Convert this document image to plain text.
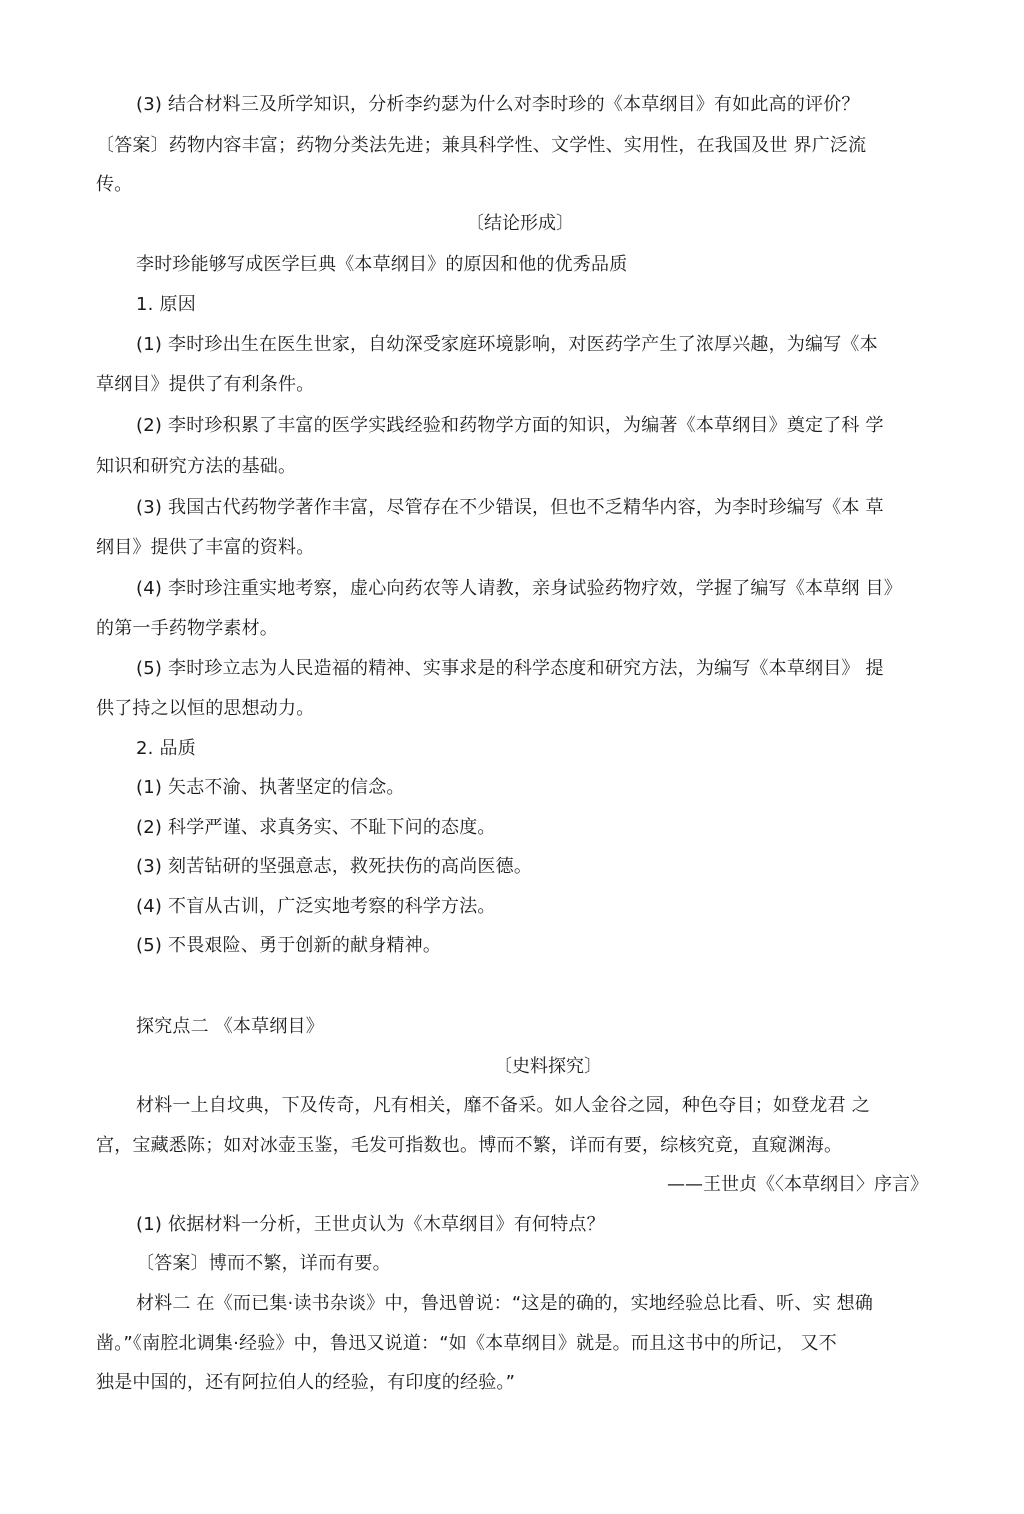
(3) 结合材料三及所学知识，分析李约瑟为什么对李时珍的《本草纲目》有如此高的评价？
〔答案〕药物内容丰富；药物分类法先进；兼具科学性、文学性、实用性，在我国及世 界广泛流
传。
〔结论形成〕
李时珍能够写成医学巨典《本草纲目》的原因和他的优秀品质
1. 原因
(1) 李时珍出生在医生世家，自幼深受家庭环境影响，对医药学产生了浓厚兴趣，为编写《本
草纲目》提供了有利条件。
(2) 李时珍积累了丰富的医学实践经验和药物学方面的知识，为编著《本草纲目》奠定了科 学
知识和研究方法的基础。
(3) 我国古代药物学著作丰富，尽管存在不少错误，但也不乏精华内容，为李时珍编写《本 草
纲目》提供了丰富的资料。
(4) 李时珍注重实地考察，虚心向药农等人请教，亲身试验药物疗效，学握了编写《本草纲 目》
的第一手药物学素材。
(5) 李时珍立志为人民造福的精神、实事求是的科学态度和研究方法，为编写《本草纲目》 提
供了持之以恒的思想动力。
2. 品质
(1) 矢志不渝、执著坚定的信念。
(2) 科学严谨、求真务实、不耻下问的态度。
(3) 刻苦钻研的坚强意志，救死扶伤的高尚医德。
(4) 不盲从古训，广泛实地考察的科学方法。
(5) 不畏艰险、勇于创新的献身精神。
探究点二 《本草纲目》
〔史料探究〕
材料一上自坟典，下及传奇，凡有相关，靡不备采。如人金谷之园，种色夺目；如登龙君 之
宫，宝藏悉陈；如对冰壶玉鉴，毛发可指数也。博而不繁，详而有要，综核究竟，直窥渊海。
——王世贞《〈本草纲目〉序言》
(1) 依据材料一分析，王世贞认为《木草纲目》有何特点？
〔答案〕博而不繁，详而有要。
材料二 在《而已集·读书杂谈》中，鲁迅曾说：“这是的确的，实地经验总比看、听、实 想确
凿。”《南腔北调集·经验》中，鲁迅又说道：“如《本草纲目》就是。而且这书中的所记， 又不
独是中国的，还有阿拉伯人的经验，有印度的经验。”
